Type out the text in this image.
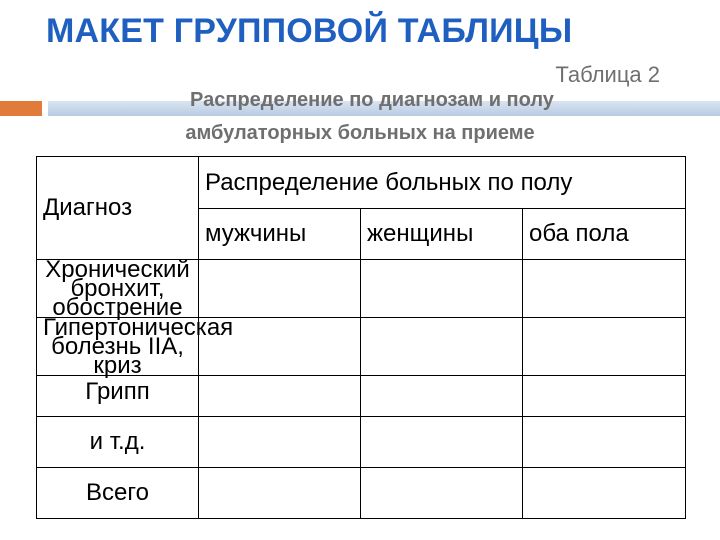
МАКЕТ ГРУППОВОЙ ТАБЛИЦЫ
Таблица 2
Распределение по диагнозам и полу
амбулаторных больных на приеме
Диагноз	Распределение больных по полу		
	мужчины	женщины	оба пола
Хронический бронхит, обострение			
Гипертоническая болезнь IIА, криз			
Грипп			
и т.д.			
Всего			
